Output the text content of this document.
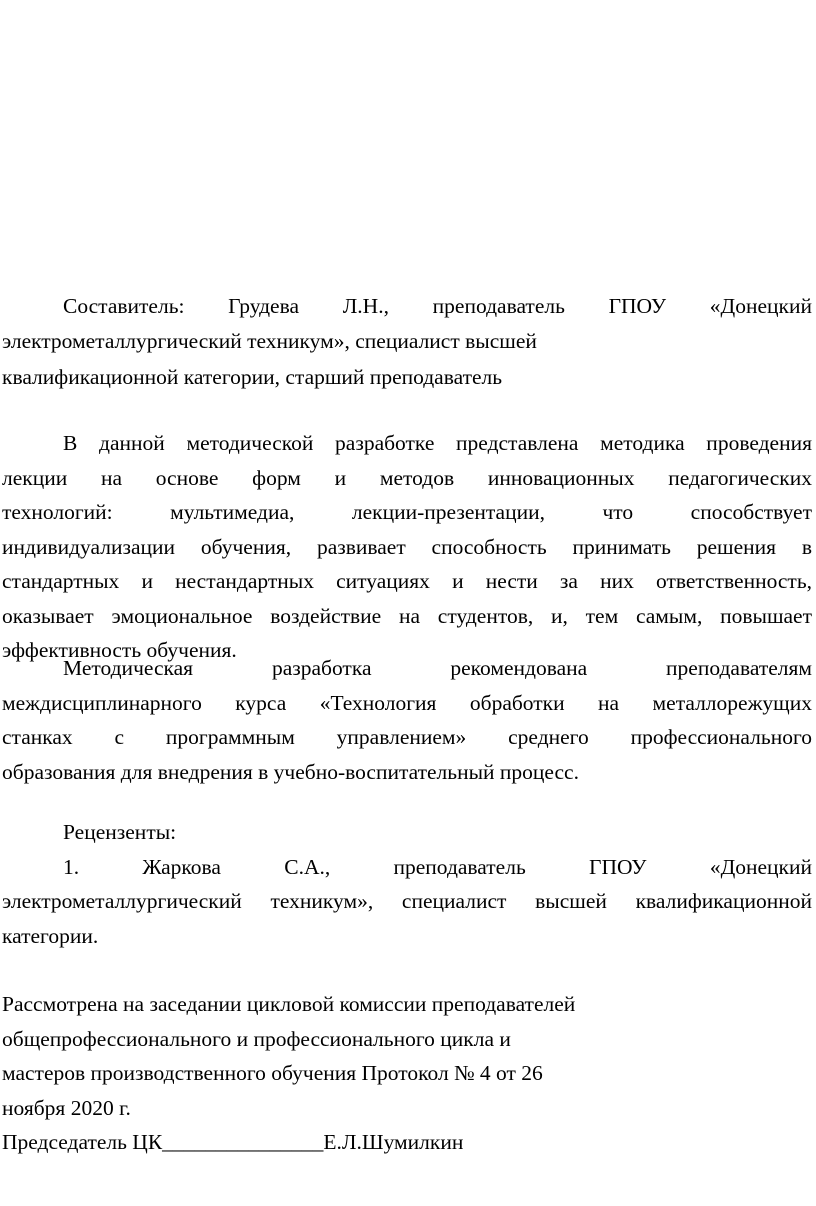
Составитель: Грудева Л.Н., преподаватель ГПОУ «Донецкий
электрометаллургический техникум», специалист высшей
квалификационной категории, старший преподаватель
В данной методической разработке представлена методика проведения
лекции на основе форм и методов инновационных педагогических
технологий: мультимедиа, лекции-презентации, что способствует
индивидуализации обучения, развивает способность принимать решения в
стандартных и нестандартных ситуациях и нести за них ответственность,
оказывает эмоциональное воздействие на студентов, и, тем самым, повышает
эффективность обучения.
Методическая разработка рекомендована преподавателям
междисциплинарного курса «Технология обработки на металлорежущих
станках с программным управлением» среднего профессионального
образования для внедрения в учебно-воспитательный процесс.
Рецензенты:
1. Жаркова С.А., преподаватель ГПОУ «Донецкий
электрометаллургический техникум», специалист высшей квалификационной
категории.
Рассмотрена на заседании цикловой комиссии преподавателей
общепрофессионального и профессионального цикла и
мастеров производственного обучения Протокол № 4 от 26
ноября 2020 г.
Председатель ЦК_______________Е.Л.Шумилкин
